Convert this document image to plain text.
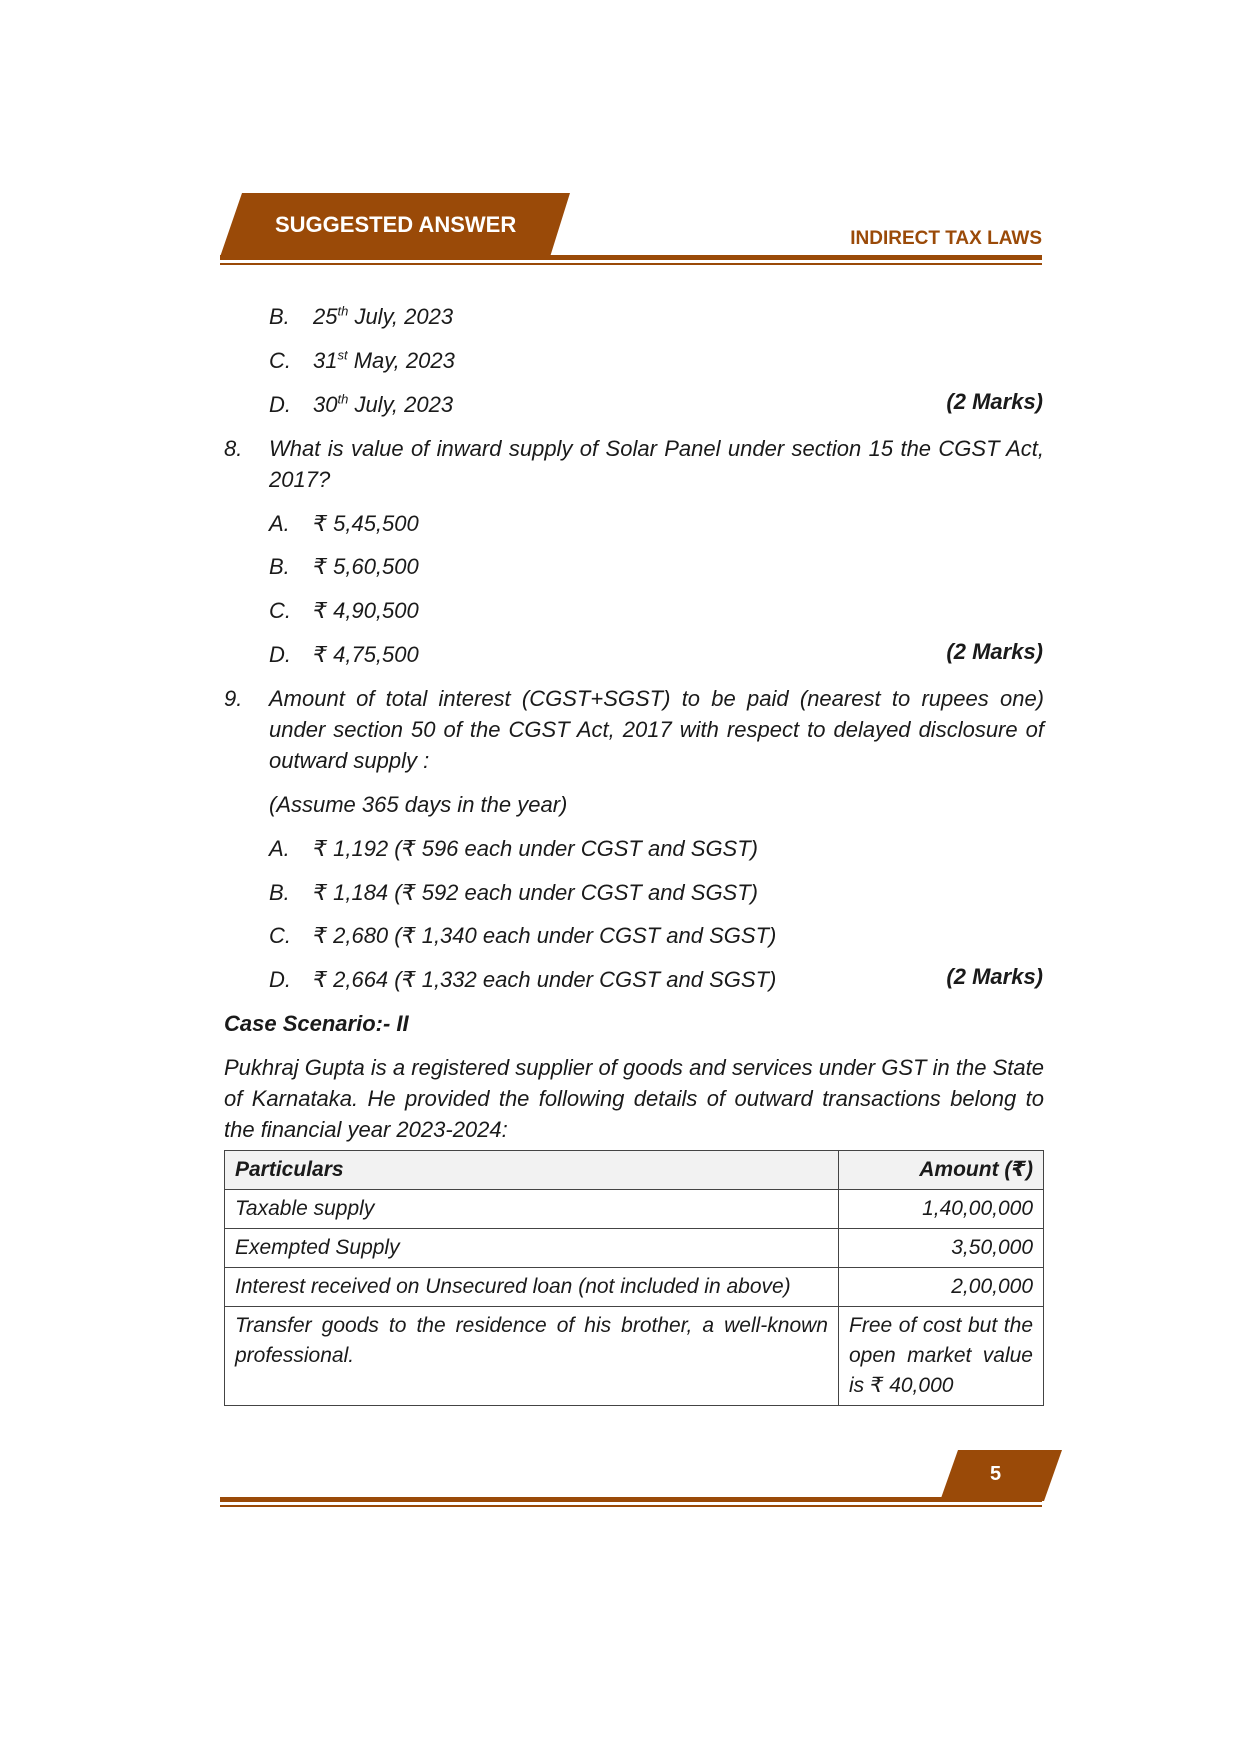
SUGGESTED ANSWER
INDIRECT TAX LAWS
B. 25th July, 2023
C. 31st May, 2023
D. 30th July, 2023	(2 Marks)
8. What is value of inward supply of Solar Panel under section 15 the CGST Act, 2017?
A. ₹ 5,45,500
B. ₹ 5,60,500
C. ₹ 4,90,500
D. ₹ 4,75,500	(2 Marks)
9. Amount of total interest (CGST+SGST) to be paid (nearest to rupees one) under section 50 of the CGST Act, 2017 with respect to delayed disclosure of outward supply :
(Assume 365 days in the year)
A. ₹ 1,192 (₹ 596 each under CGST and SGST)
B. ₹ 1,184 (₹ 592 each under CGST and SGST)
C. ₹ 2,680 (₹ 1,340 each under CGST and SGST)
D. ₹ 2,664 (₹ 1,332 each under CGST and SGST)	(2 Marks)
Case Scenario:- II
Pukhraj Gupta is a registered supplier of goods and services under GST in the State of Karnataka. He provided the following details of outward transactions belong to the financial year 2023-2024:
Particulars	Amount (₹)
Taxable supply	1,40,00,000
Exempted Supply	3,50,000
Interest received on Unsecured loan (not included in above)	2,00,000
Transfer goods to the residence of his brother, a well-known professional.	Free of cost but the open market value is ₹ 40,000
5
